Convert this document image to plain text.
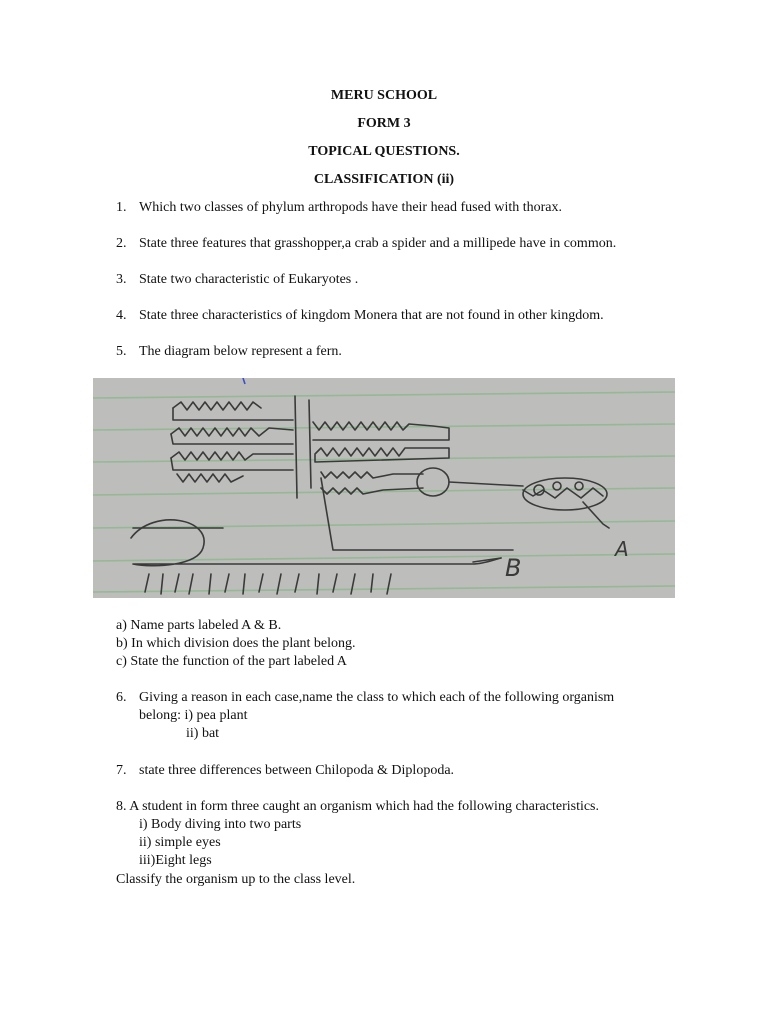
MERU SCHOOL
FORM 3
TOPICAL QUESTIONS.
CLASSIFICATION (ii)
1. Which two classes of phylum arthropods have their head fused with thorax.
2. State three features that grasshopper,a crab a spider and a millipede have in common.
3. State two characteristic of Eukaryotes .
4. State three characteristics of kingdom Monera that are not found in other kingdom.
5. The diagram below represent a fern.
B
A
a) Name parts labeled A & B.
b) In which division does the plant belong.
c) State the function of the part labeled A
6. Giving a reason in each case,name the class to which each of the following organism
belong: i) pea plant
ii) bat
7. state three differences between Chilopoda & Diplopoda.
8. A student in form three caught an organism which had the following characteristics.
i) Body diving into two parts
ii) simple eyes
iii)Eight legs
Classify the organism up to the class level.
